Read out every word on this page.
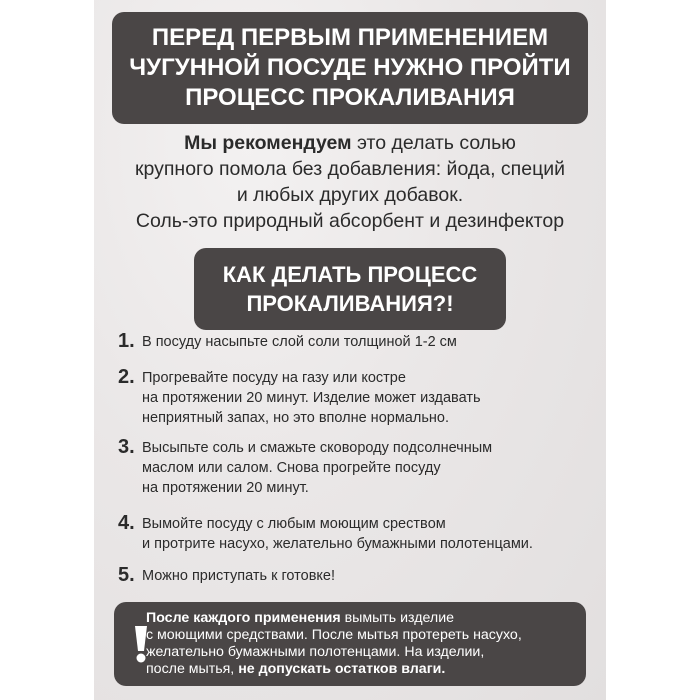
ПЕРЕД ПЕРВЫМ ПРИМЕНЕНИЕМ
ЧУГУННОЙ ПОСУДЕ НУЖНО ПРОЙТИ
ПРОЦЕСС ПРОКАЛИВАНИЯ
Мы рекомендуем это делать солью
крупного помола без добавления: йода, специй
и любых других добавок.
Соль-это природный абсорбент и дезинфектор
КАК ДЕЛАТЬ ПРОЦЕСС
ПРОКАЛИВАНИЯ?!
1. В посуду насыпьте слой соли толщиной 1-2 см
2. Прогревайте посуду на газу или костре
на протяжении 20 минут. Изделие может издавать
неприятный запах, но это вполне нормально.
3. Высыпьте соль и смажьте сковороду подсолнечным
маслом или салом. Снова прогрейте посуду
на протяжении 20 минут.
4. Вымойте посуду с любым моющим срествoм
и протрите насухо, желательно бумажными полотенцами.
5. Можно приступать к готовке!
После каждого применения вымыть изделие
с моющими средствами. После мытья протереть насухо,
желательно бумажными полотенцами. На изделии,
после мытья, не допускать остатков влаги.
